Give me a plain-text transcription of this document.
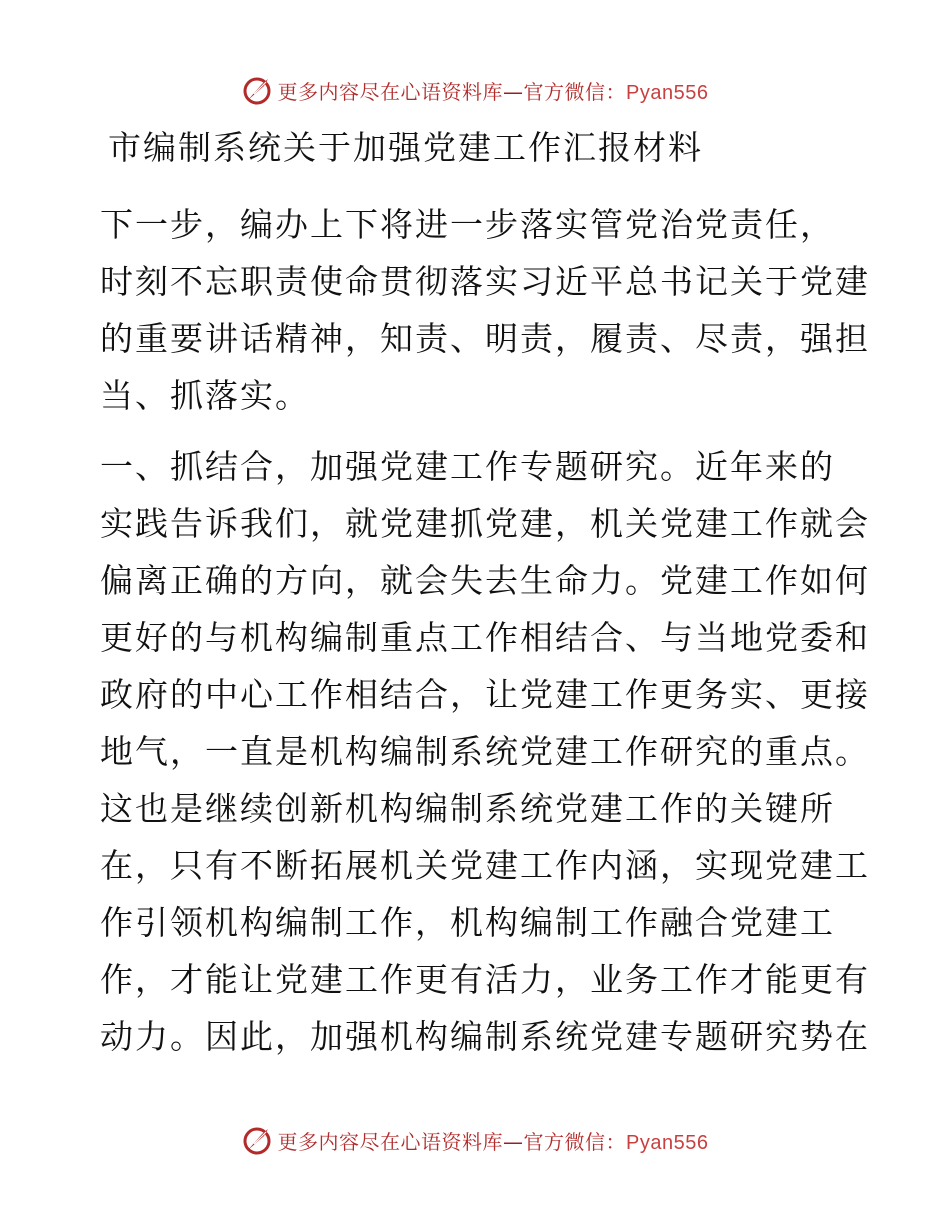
更多内容尽在心语资料库—官方微信：Pyan556
市编制系统关于加强党建工作汇报材料
下一步，编办上下将进一步落实管党治党责任，
时刻不忘职责使命贯彻落实习近平总书记关于党建
的重要讲话精神，知责、明责，履责、尽责，强担
当、抓落实。
一、抓结合，加强党建工作专题研究。近年来的
实践告诉我们，就党建抓党建，机关党建工作就会
偏离正确的方向，就会失去生命力。党建工作如何
更好的与机构编制重点工作相结合、与当地党委和
政府的中心工作相结合，让党建工作更务实、更接
地气，一直是机构编制系统党建工作研究的重点。
这也是继续创新机构编制系统党建工作的关键所
在，只有不断拓展机关党建工作内涵，实现党建工
作引领机构编制工作，机构编制工作融合党建工
作，才能让党建工作更有活力，业务工作才能更有
动力。因此，加强机构编制系统党建专题研究势在
更多内容尽在心语资料库—官方微信：Pyan556
